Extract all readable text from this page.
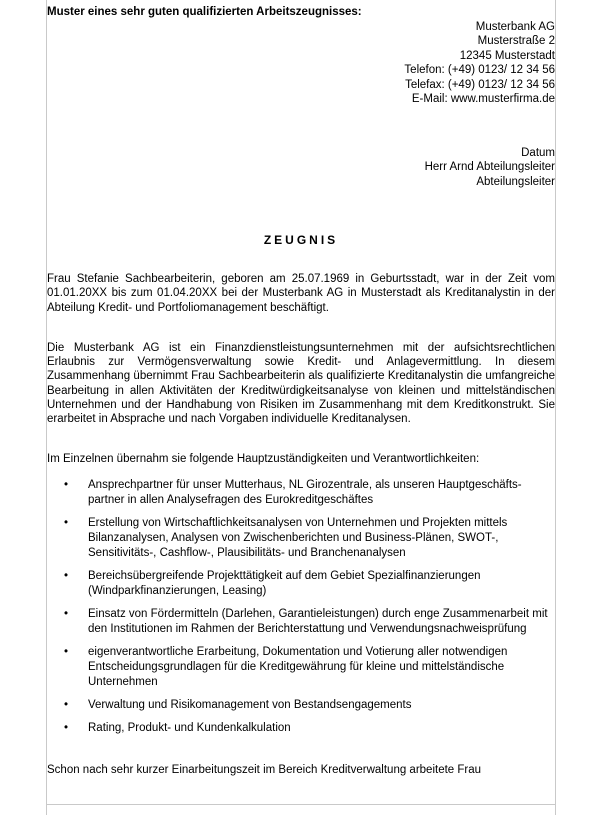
Muster eines sehr guten qualifizierten Arbeitszeugnisses:

Musterbank AG
Musterstraße 2
12345 Musterstadt
Telefon: (+49) 0123/ 12 34 56
Telefax: (+49) 0123/ 12 34 56
E-Mail: www.musterfirma.de
Datum
Herr Arnd Abteilungsleiter
Abteilungsleiter
ZEUGNIS

Frau Stefanie Sachbearbeiterin, geboren am 25.07.1969 in Geburtsstadt, war in der Zeit vom 01.01.20XX bis zum 01.04.20XX bei der Musterbank AG in Musterstadt als Kreditanalystin in der Abteilung Kredit- und Portfoliomanagement beschäftigt.

Die Musterbank AG ist ein Finanzdienstleistungsunternehmen mit der aufsichtsrechtlichen Erlaubnis zur Vermögensverwaltung sowie Kredit- und Anlagevermittlung. In diesem Zusammenhang übernimmt Frau Sachbearbeiterin als qualifizierte Kreditanalystin die umfangreiche Bearbeitung in allen Aktivitäten der Kreditwürdigkeitsanalyse von kleinen und mittelständischen Unternehmen und der Handhabung von Risiken im Zusammenhang mit dem Kreditkonstrukt. Sie erarbeitet in Absprache und nach Vorgaben individuelle Kreditanalysen.

Im Einzelnen übernahm sie folgende Hauptzuständigkeiten und Verantwortlichkeiten:

• Ansprechpartner für unser Mutterhaus, NL Girozentrale, als unseren Hauptgeschäfts-partner in allen Analysefragen des Eurokreditgeschäftes
• Erstellung von Wirtschaftlichkeitsanalysen von Unternehmen und Projekten mittels Bilanzanalysen, Analysen von Zwischenberichten und Business-Plänen, SWOT-, Sensitivitäts-, Cashflow-, Plausibilitäts- und Branchenanalysen
• Bereichsübergreifende Projekttätigkeit auf dem Gebiet Spezialfinanzierungen (Windparkfinanzierungen, Leasing)
• Einsatz von Fördermitteln (Darlehen, Garantieleistungen) durch enge Zusammenarbeit mit den Institutionen im Rahmen der Berichterstattung und Verwendungsnachweisprüfung
• eigenverantwortliche Erarbeitung, Dokumentation und Votierung aller notwendigen Entscheidungsgrundlagen für die Kreditgewährung für kleine und mittelständische Unternehmen
• Verwaltung und Risikomanagement von Bestandsengagements
• Rating, Produkt- und Kundenkalkulation

Schon nach sehr kurzer Einarbeitungszeit im Bereich Kreditverwaltung arbeitete Frau
